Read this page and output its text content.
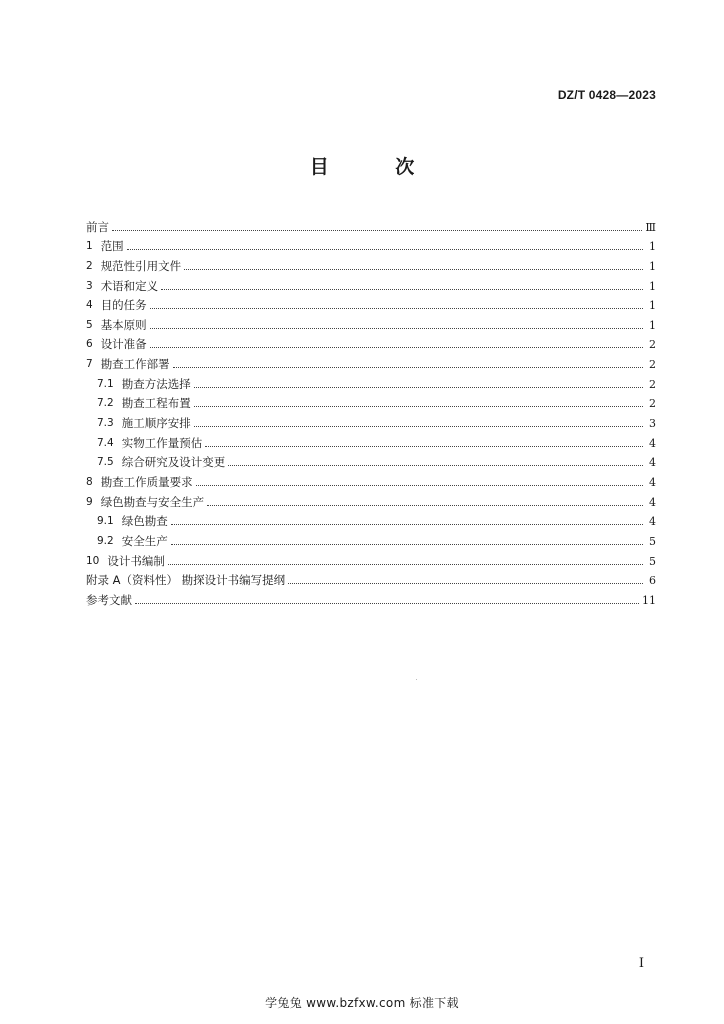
DZ/T 0428—2023
目 次
前言	Ⅲ
1 范围	1
2 规范性引用文件	1
3 术语和定义	1
4 目的任务	1
5 基本原则	1
6 设计准备	2
7 勘查工作部署	2
7.1 勘查方法选择	2
7.2 勘查工程布置	2
7.3 施工顺序安排	3
7.4 实物工作量预估	4
7.5 综合研究及设计变更	4
8 勘查工作质量要求	4
9 绿色勘查与安全生产	4
9.1 绿色勘查	4
9.2 安全生产	5
10 设计书编制	5
附录 A（资料性） 勘探设计书编写提纲	6
参考文献	11
I
学兔兔 www.bzfxw.com 标准下载
